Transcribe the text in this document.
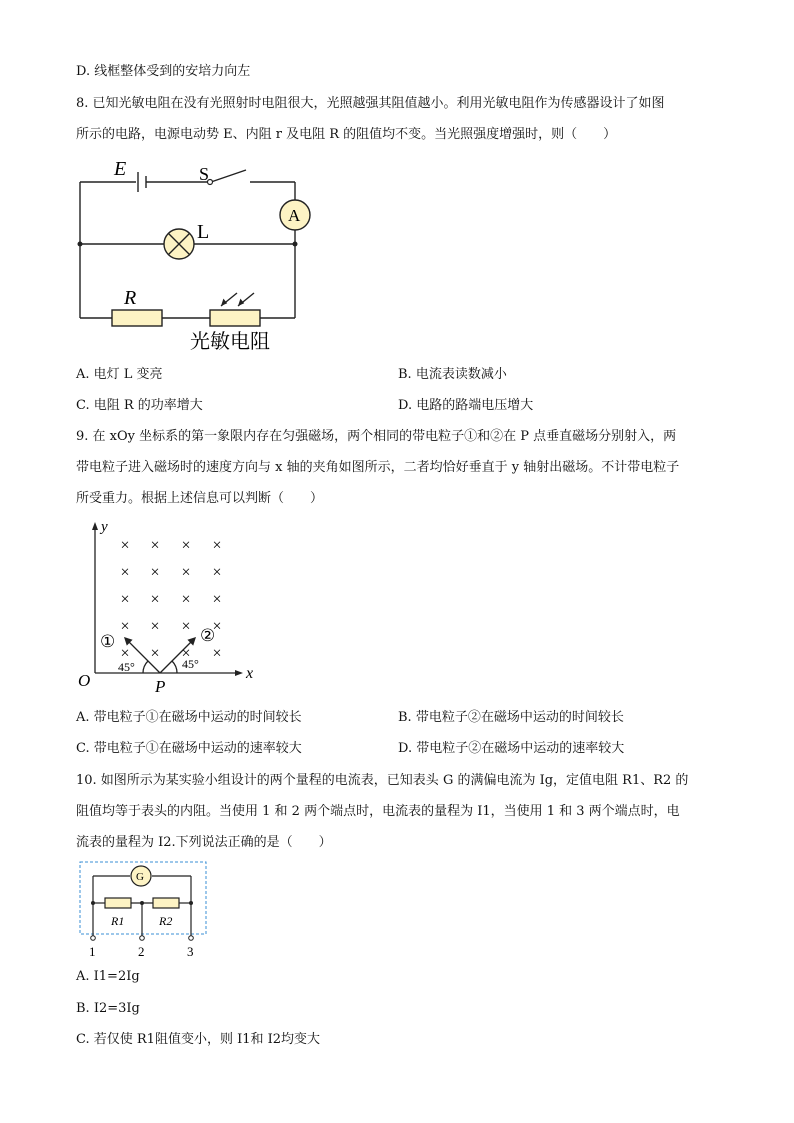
D. 线框整体受到的安培力向左
8. 已知光敏电阻在没有光照射时电阻很大，光照越强其阻值越小。利用光敏电阻作为传感器设计了如图
所示的电路，电源电动势 E、内阻 r 及电阻 R 的阻值均不变。当光照强度增强时，则（　　）
E	S
A
L
R
光敏电阻
A. 电灯 L 变亮	B. 电流表读数减小
C. 电阻 R 的功率增大	D. 电路的路端电压增大
9. 在 xOy 坐标系的第一象限内存在匀强磁场，两个相同的带电粒子①和②在 P 点垂直磁场分别射入，两
带电粒子进入磁场时的速度方向与 x 轴的夹角如图所示，二者均恰好垂直于 y 轴射出磁场。不计带电粒子
所受重力。根据上述信息可以判断（　　）
× × × ×
× × × ×
× × × ×
× × × ×
× × × ×
y
x
O	P
①	②
45°	45°
A. 带电粒子①在磁场中运动的时间较长	B. 带电粒子②在磁场中运动的时间较长
C. 带电粒子①在磁场中运动的速率较大	D. 带电粒子②在磁场中运动的速率较大
10. 如图所示为某实验小组设计的两个量程的电流表，已知表头 G 的满偏电流为 Ig，定值电阻 R1、R2 的
阻值均等于表头的内阻。当使用 1 和 2 两个端点时，电流表的量程为 I1，当使用 1 和 3 两个端点时，电
流表的量程为 I2.下列说法正确的是（　　）
G
R1	R2
1	2	3
A. I1=2Ig
B. I2=3Ig
C. 若仅使 R1阻值变小，则 I1和 I2均变大
